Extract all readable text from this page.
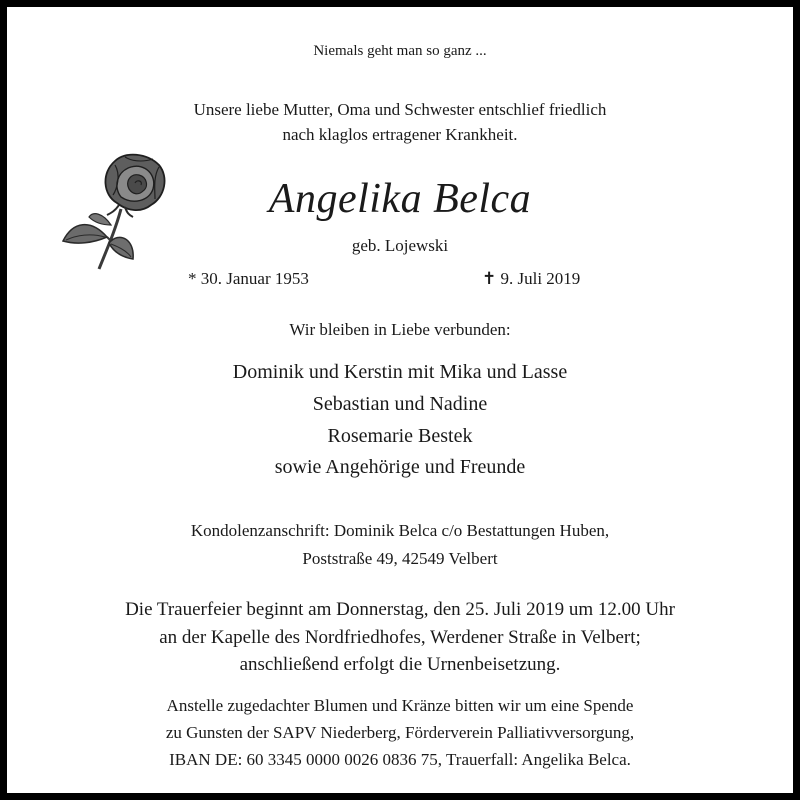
Niemals geht man so ganz ...
Unsere liebe Mutter, Oma und Schwester entschlief friedlich
nach klaglos ertragener Krankheit.
Angelika Belca
geb. Lojewski
* 30. Januar 1953	✝ 9. Juli 2019
Wir bleiben in Liebe verbunden:
Dominik und Kerstin mit Mika und Lasse
Sebastian und Nadine
Rosemarie Bestek
sowie Angehörige und Freunde
Kondolenzanschrift: Dominik Belca c/o Bestattungen Huben,
Poststraße 49, 42549 Velbert
Die Trauerfeier beginnt am Donnerstag, den 25. Juli 2019 um 12.00 Uhr
an der Kapelle des Nordfriedhofes, Werdener Straße in Velbert;
anschließend erfolgt die Urnenbeisetzung.
Anstelle zugedachter Blumen und Kränze bitten wir um eine Spende
zu Gunsten der SAPV Niederberg, Förderverein Palliativversorgung,
IBAN DE: 60 3345 0000 0026 0836 75, Trauerfall: Angelika Belca.
